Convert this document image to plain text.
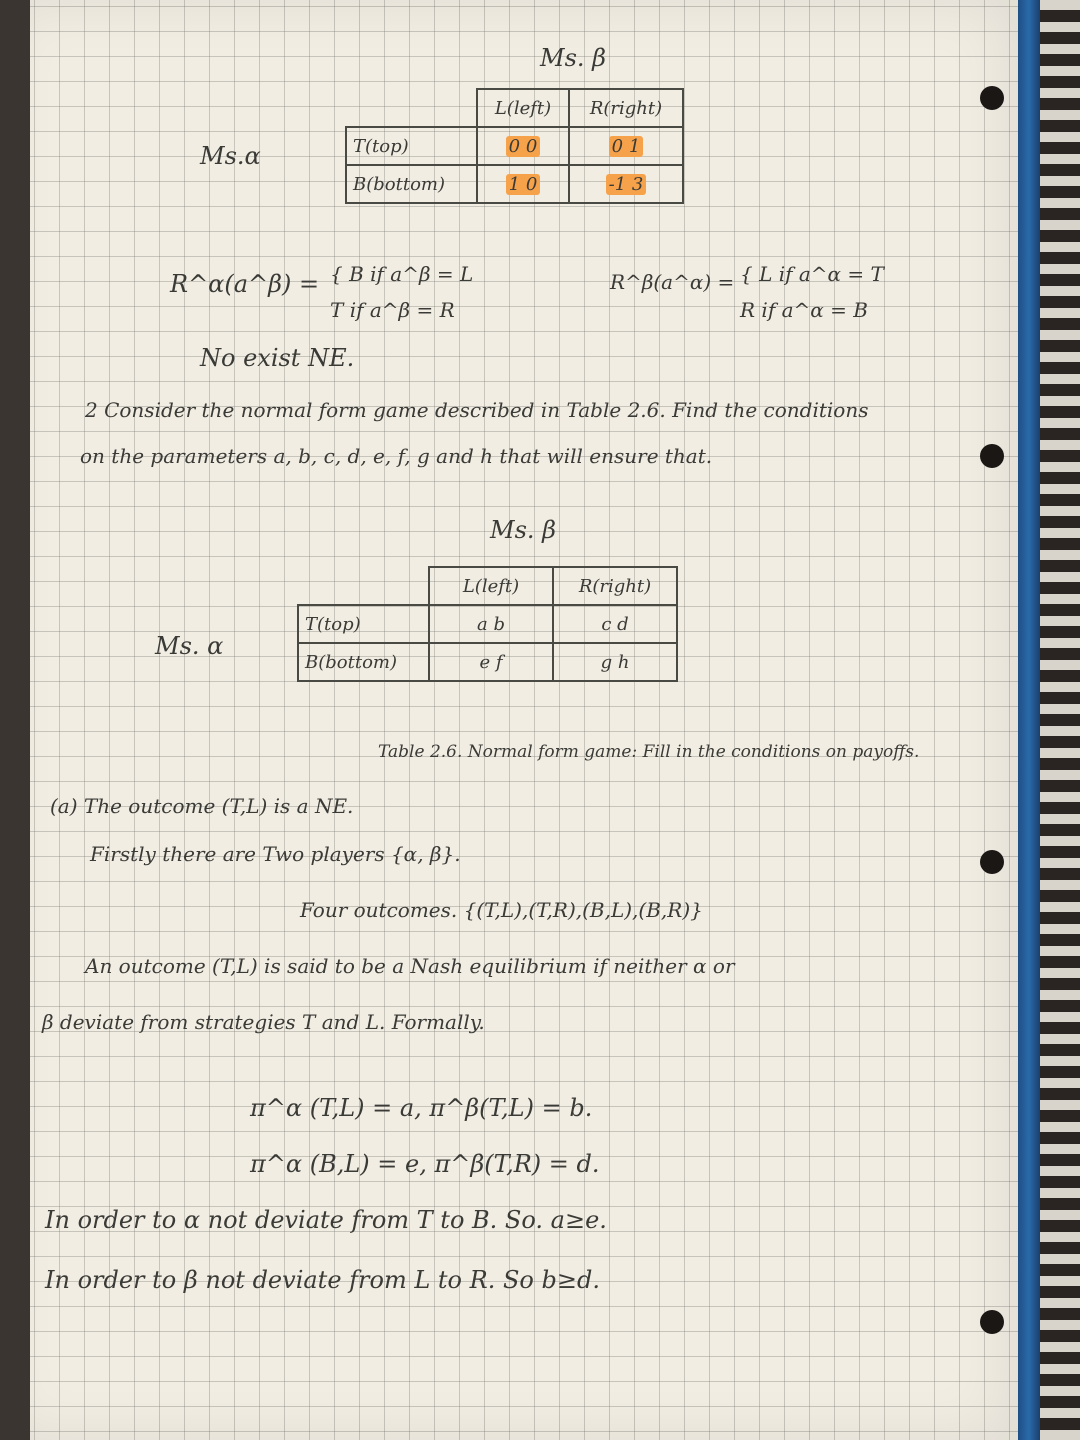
Ms. β
Ms.α
	L(left)	R(right)
T(top)	0 0	0 1
B(bottom)	1 0	-1 3
R^α(a^β) = { B if a^β = L
T if a^β = R
R^β(a^α) = { L if a^α = T
R if a^α = B
No exist NE.
2 Consider the normal form game described in Table 2.6. Find the conditions
on the parameters a, b, c, d, e, f, g and h that will ensure that.
Ms. β
Ms. α
	L(left)	R(right)
T(top)	a b	c d
B(bottom)	e f	g h
Table 2.6. Normal form game: Fill in the conditions on payoffs.
(a) The outcome (T,L) is a NE.
Firstly there are Two players {α, β}.
Four outcomes. {(T,L),(T,R),(B,L),(B,R)}
An outcome (T,L) is said to be a Nash equilibrium if neither α or
β deviate from strategies T and L. Formally.
π^α (T,L) = a, π^β(T,L) = b.
π^α (B,L) = e, π^β(T,R) = d.
In order to α not deviate from T to B. So. a≥e.
In order to β not deviate from L to R. So b≥d.
